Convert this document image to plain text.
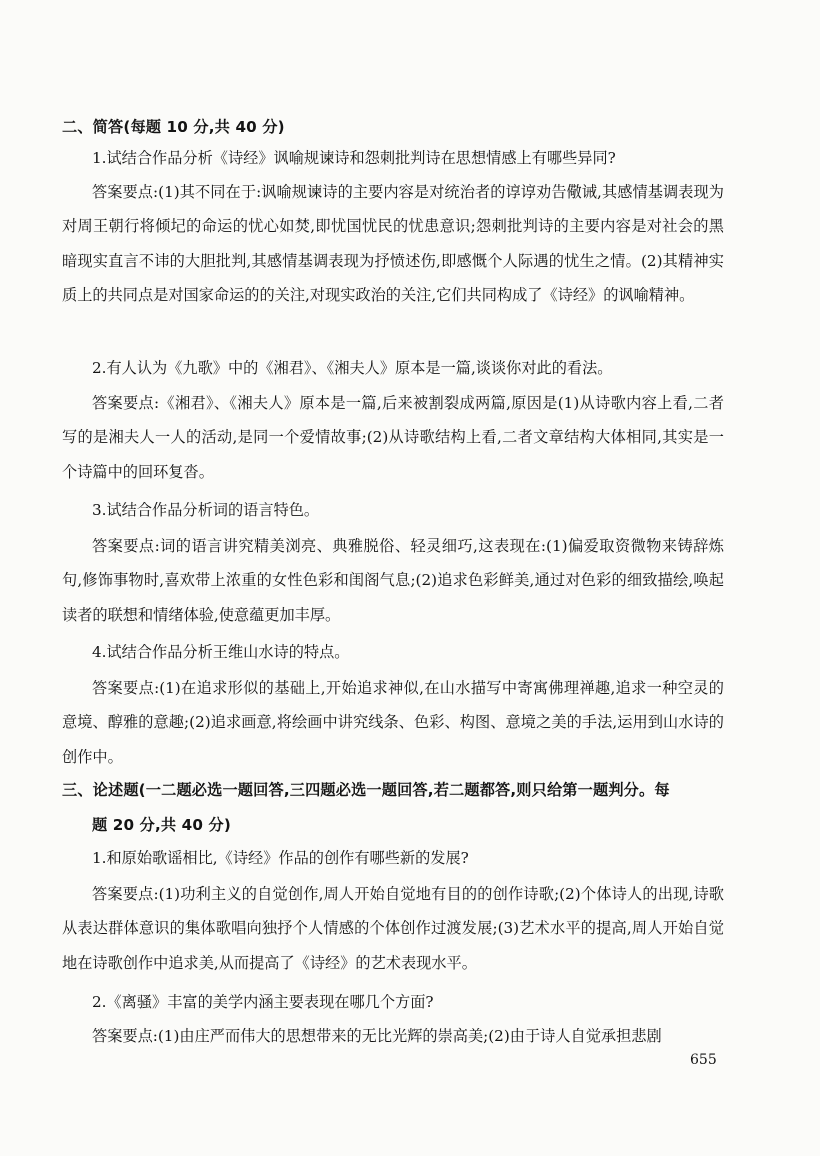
二、简答(每题 10 分,共 40 分)
1.试结合作品分析《诗经》讽喻规谏诗和怨刺批判诗在思想情感上有哪些异同?
答案要点:(1)其不同在于:讽喻规谏诗的主要内容是对统治者的谆谆劝告儆诫,其感情基调表现为对周王朝行将倾圮的命运的忧心如焚,即忧国忧民的忧患意识;怨刺批判诗的主要内容是对社会的黑暗现实直言不讳的大胆批判,其感情基调表现为抒愤述伤,即感慨个人际遇的忧生之情。(2)其精神实质上的共同点是对国家命运的的关注,对现实政治的关注,它们共同构成了《诗经》的讽喻精神。
2.有人认为《九歌》中的《湘君》、《湘夫人》原本是一篇,谈谈你对此的看法。
答案要点:《湘君》、《湘夫人》原本是一篇,后来被割裂成两篇,原因是(1)从诗歌内容上看,二者写的是湘夫人一人的活动,是同一个爱情故事;(2)从诗歌结构上看,二者文章结构大体相同,其实是一个诗篇中的回环复沓。
3.试结合作品分析词的语言特色。
答案要点:词的语言讲究精美浏亮、典雅脱俗、轻灵细巧,这表现在:(1)偏爱取资微物来铸辞炼句,修饰事物时,喜欢带上浓重的女性色彩和闺阁气息;(2)追求色彩鲜美,通过对色彩的细致描绘,唤起读者的联想和情绪体验,使意蕴更加丰厚。
4.试结合作品分析王维山水诗的特点。
答案要点:(1)在追求形似的基础上,开始追求神似,在山水描写中寄寓佛理禅趣,追求一种空灵的意境、醇雅的意趣;(2)追求画意,将绘画中讲究线条、色彩、构图、意境之美的手法,运用到山水诗的创作中。
三、论述题(一二题必选一题回答,三四题必选一题回答,若二题都答,则只给第一题判分。每
题 20 分,共 40 分)
1.和原始歌谣相比,《诗经》作品的创作有哪些新的发展?
答案要点:(1)功利主义的自觉创作,周人开始自觉地有目的的创作诗歌;(2)个体诗人的出现,诗歌从表达群体意识的集体歌唱向独抒个人情感的个体创作过渡发展;(3)艺术水平的提高,周人开始自觉地在诗歌创作中追求美,从而提高了《诗经》的艺术表现水平。
2.《离骚》丰富的美学内涵主要表现在哪几个方面?
答案要点:(1)由庄严而伟大的思想带来的无比光辉的崇高美;(2)由于诗人自觉承担悲剧
655
